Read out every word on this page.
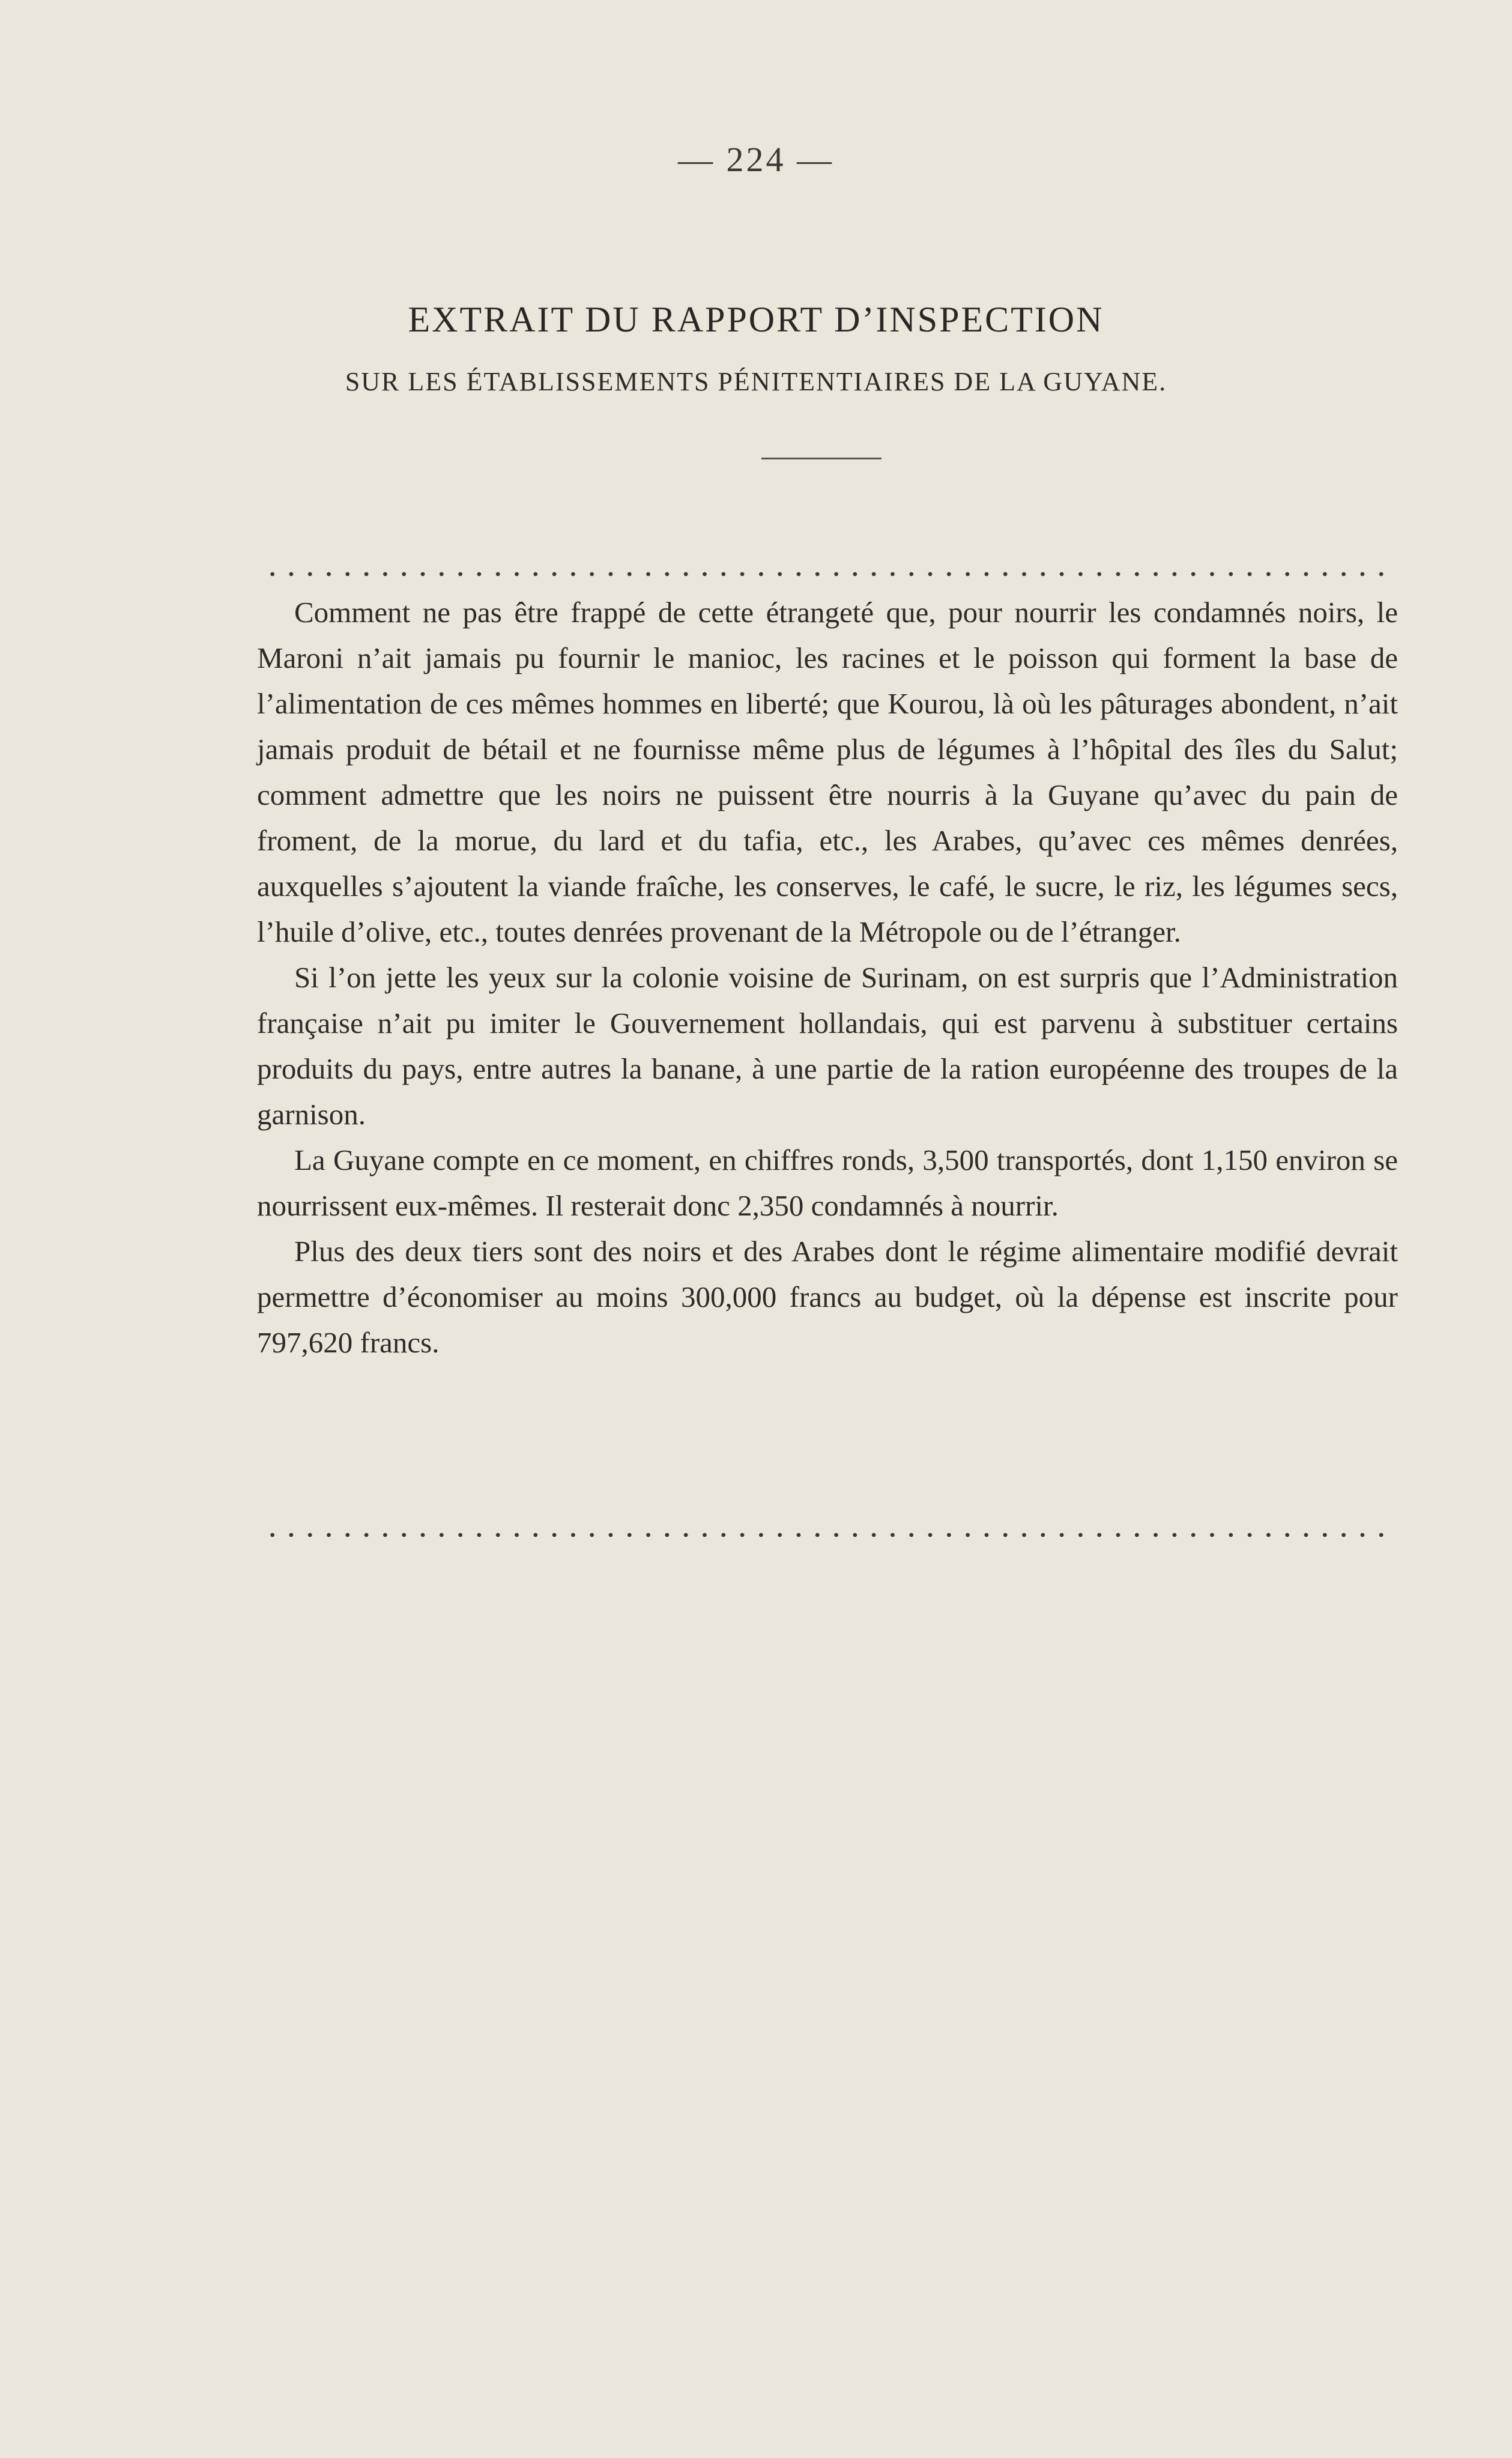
— 224 —
EXTRAIT DU RAPPORT D’INSPECTION
SUR LES ÉTABLISSEMENTS PÉNITENTIAIRES DE LA GUYANE.

Comment ne pas être frappé de cette étrangeté que, pour nourrir les condamnés noirs, le Maroni n’ait jamais pu fournir le manioc, les racines et le poisson qui forment la base de l’alimentation de ces mêmes hommes en liberté; que Kourou, là où les pâturages abondent, n’ait jamais produit de bétail et ne fournisse même plus de légumes à l’hôpital des îles du Salut; comment admettre que les noirs ne puissent être nourris à la Guyane qu’avec du pain de froment, de la morue, du lard et du tafia, etc., les Arabes, qu’avec ces mêmes denrées, auxquelles s’ajoutent la viande fraîche, les conserves, le café, le sucre, le riz, les légumes secs, l’huile d’olive, etc., toutes denrées provenant de la Métropole ou de l’étranger.

Si l’on jette les yeux sur la colonie voisine de Surinam, on est surpris que l’Administration française n’ait pu imiter le Gouvernement hollandais, qui est parvenu à substituer certains produits du pays, entre autres la banane, à une partie de la ration européenne des troupes de la garnison.

La Guyane compte en ce moment, en chiffres ronds, 3,500 transportés, dont 1,150 environ se nourrissent eux-mêmes. Il resterait donc 2,350 condamnés à nourrir.

Plus des deux tiers sont des noirs et des Arabes dont le régime alimentaire modifié devrait permettre d’économiser au moins 300,000 francs au budget, où la dépense est inscrite pour 797,620 francs.
